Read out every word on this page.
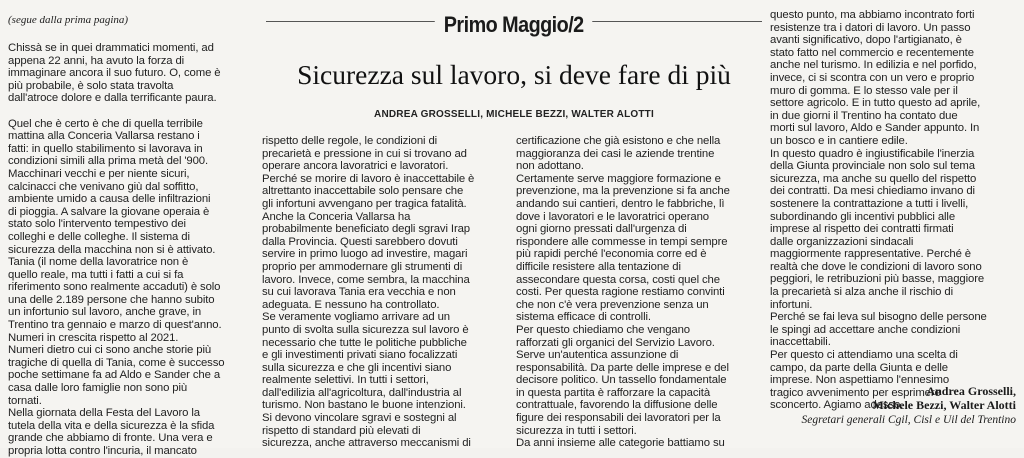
(segue dalla prima pagina)	Primo Maggio/2
Sicurezza sul lavoro, si deve fare di più
ANDREA GROSSELLI, MICHELE BEZZI, WALTER ALOTTI
Chissà se in quei drammatici momenti, ad
appena 22 anni, ha avuto la forza di
immaginare ancora il suo futuro. O, come è
più probabile, è solo stata travolta
dall'atroce dolore e dalla terrificante paura.

Quel che è certo è che di quella terribile
mattina alla Conceria Vallarsa restano i
fatti: in quello stabilimento si lavorava in
condizioni simili alla prima metà del '900.
Macchinari vecchi e per niente sicuri,
calcinacci che venivano giù dal soffitto,
ambiente umido a causa delle infiltrazioni
di pioggia. A salvare la giovane operaia è
stato solo l'intervento tempestivo dei
colleghi e delle colleghe. Il sistema di
sicurezza della macchina non si è attivato.
Tania (il nome della lavoratrice non è
quello reale, ma tutti i fatti a cui si fa
riferimento sono realmente accaduti) è solo
una delle 2.189 persone che hanno subito
un infortunio sul lavoro, anche grave, in
Trentino tra gennaio e marzo di quest'anno.
Numeri in crescita rispetto al 2021.
Numeri dietro cui ci sono anche storie più
tragiche di quella di Tania, come è successo
poche settimane fa ad Aldo e Sander che a
casa dalle loro famiglie non sono più
tornati.
Nella giornata della Festa del Lavoro la
tutela della vita e della sicurezza è la sfida
grande che abbiamo di fronte. Una vera e
propria lotta contro l'incuria, il mancato
rispetto delle regole, le condizioni di
precarietà e pressione in cui si trovano ad
operare ancora lavoratrici e lavoratori.
Perché se morire di lavoro è inaccettabile è
altrettanto inaccettabile solo pensare che
gli infortuni avvengano per tragica fatalità.
Anche la Conceria Vallarsa ha
probabilmente beneficiato degli sgravi Irap
dalla Provincia. Questi sarebbero dovuti
servire in primo luogo ad investire, magari
proprio per ammodernare gli strumenti di
lavoro. Invece, come sembra, la macchina
su cui lavorava Tania era vecchia e non
adeguata. E nessuno ha controllato.
Se veramente vogliamo arrivare ad un
punto di svolta sulla sicurezza sul lavoro è
necessario che tutte le politiche pubbliche
e gli investimenti privati siano focalizzati
sulla sicurezza e che gli incentivi siano
realmente selettivi. In tutti i settori,
dall'edilizia all'agricoltura, dall'industria al
turismo. Non bastano le buone intenzioni.
Si devono vincolare sgravi e sostegni al
rispetto di standard più elevati di
sicurezza, anche attraverso meccanismi di
certificazione che già esistono e che nella
maggioranza dei casi le aziende trentine
non adottano.
Certamente serve maggiore formazione e
prevenzione, ma la prevenzione si fa anche
andando sui cantieri, dentro le fabbriche, lì
dove i lavoratori e le lavoratrici operano
ogni giorno pressati dall'urgenza di
rispondere alle commesse in tempi sempre
più rapidi perché l'economia corre ed è
difficile resistere alla tentazione di
assecondare questa corsa, costi quel che
costi. Per questa ragione restiamo convinti
che non c'è vera prevenzione senza un
sistema efficace di controlli.
Per questo chiediamo che vengano
rafforzati gli organici del Servizio Lavoro.
Serve un'autentica assunzione di
responsabilità. Da parte delle imprese e del
decisore politico. Un tassello fondamentale
in questa partita è rafforzare la capacità
contrattuale, favorendo la diffusione delle
figure dei responsabili dei lavoratori per la
sicurezza in tutti i settori.
Da anni insieme alle categorie battiamo su
questo punto, ma abbiamo incontrato forti
resistenze tra i datori di lavoro. Un passo
avanti significativo, dopo l'artigianato, è
stato fatto nel commercio e recentemente
anche nel turismo. In edilizia e nel porfido,
invece, ci si scontra con un vero e proprio
muro di gomma. E lo stesso vale per il
settore agricolo. E in tutto questo ad aprile,
in due giorni il Trentino ha contato due
morti sul lavoro, Aldo e Sander appunto. In
un bosco e in cantiere edile.
In questo quadro è ingiustificabile l'inerzia
della Giunta provinciale non solo sul tema
sicurezza, ma anche su quello del rispetto
dei contratti. Da mesi chiediamo invano di
sostenere la contrattazione a tutti i livelli,
subordinando gli incentivi pubblici alle
imprese al rispetto dei contratti firmati
dalle organizzazioni sindacali
maggiormente rappresentative. Perché è
realtà che dove le condizioni di lavoro sono
peggiori, le retribuzioni più basse, maggiore
la precarietà si alza anche il rischio di
infortuni.
Perché se fai leva sul bisogno delle persone
le spingi ad accettare anche condizioni
inaccettabili.
Per questo ci attendiamo una scelta di
campo, da parte della Giunta e delle
imprese. Non aspettiamo l'ennesimo
tragico avvenimento per esprimere
sconcerto. Agiamo adesso.
Andrea Grosselli,
Michele Bezzi, Walter Alotti
Segretari generali Cgil, Cisl e Uil del Trentino
